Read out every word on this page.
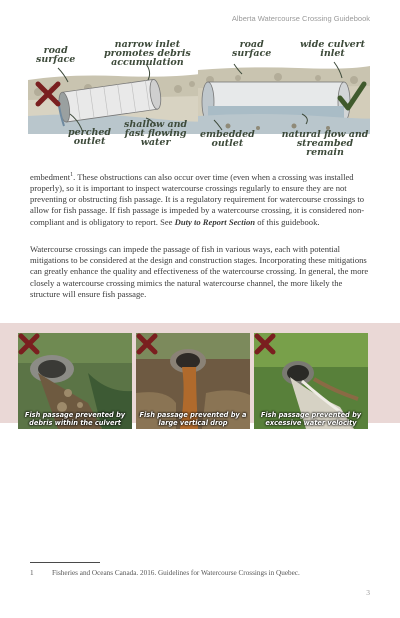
Alberta Watercourse Crossing Guidebook
road
surface
narrow inlet
promotes debris
accumulation
perched
outlet
shallow and
fast flowing
water
road
surface
wide culvert
inlet
embedded
outlet
natural flow and
streambed remain

embedment$^1$. These obstructions can also occur over time (even when a crossing was installed properly), so it is important to inspect watercourse crossings regularly to ensure they are not preventing or obstructing fish passage. It is a regulatory requirement for watercourse crossings to allow for fish passage. If fish passage is impeded by a watercourse crossing, it is considered non-compliant and is obligatory to report. See Duty to Report Section of this guidebook.

Watercourse crossings can impede the passage of fish in various ways, each with potential mitigations to be considered at the design and construction stages. Incorporating these mitigations can greatly enhance the quality and effectiveness of the watercourse crossing. In general, the more closely a watercourse crossing mimics the natural watercourse channel, the more likely the structure will ensure fish passage.

Fish passage prevented by debris within the culvert
Fish passage prevented by a large vertical drop
Fish passage prevented by excessive water velocity
1	Fisheries and Oceans Canada. 2016. Guidelines for Watercourse Crossings in Quebec.
3
